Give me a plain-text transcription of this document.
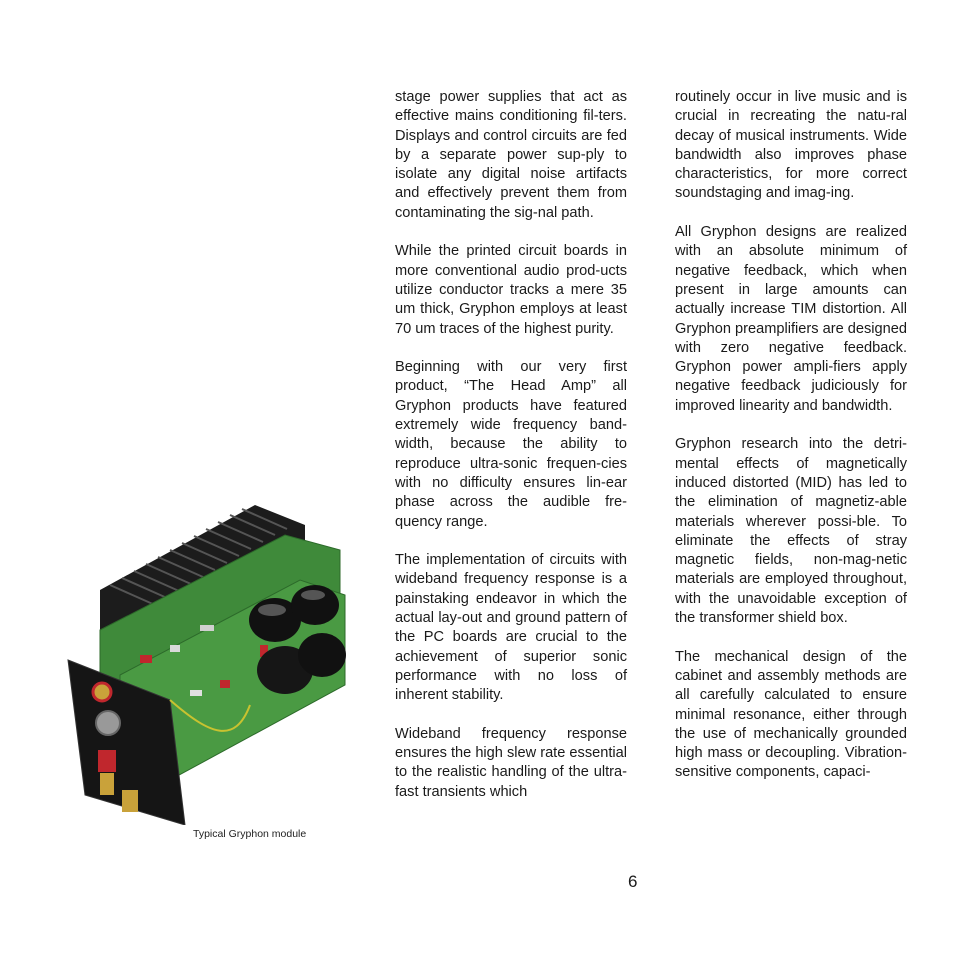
Typical Gryphon module

stage power supplies that act as effective mains conditioning fil-ters. Displays and control circuits are fed by a separate power sup-ply to isolate any digital noise artifacts and effectively prevent them from contaminating the sig-nal path.

While the printed circuit boards in more conventional audio prod-ucts utilize conductor tracks a mere 35 um thick, Gryphon employs at least 70 um traces of the highest purity.

Beginning with our very first product, “The Head Amp” all Gryphon products have featured extremely wide frequency band-width, because the ability to reproduce ultra-sonic frequen-cies with no difficulty ensures lin-ear phase across the audible fre-quency range.

The implementation of circuits with wideband frequency response is a painstaking endeavor in which the actual lay-out and ground pattern of the PC boards are crucial to the achievement of superior sonic performance with no loss of inherent stability.

Wideband frequency response ensures the high slew rate essential to the realistic handling of the ultra-fast transients which

routinely occur in live music and is crucial in recreating the natu-ral decay of musical instruments. Wide bandwidth also improves phase characteristics, for more correct soundstaging and imag-ing.

All Gryphon designs are realized with an absolute minimum of negative feedback, which when present in large amounts can actually increase TIM distortion. All Gryphon preamplifiers are designed with zero negative feedback. Gryphon power ampli-fiers apply negative feedback judiciously for improved linearity and bandwidth.

Gryphon research into the detri-mental effects of magnetically induced distorted (MID) has led to the elimination of magnetiz-able materials wherever possi-ble. To eliminate the effects of stray magnetic fields, non-mag-netic materials are employed throughout, with the unavoidable exception of the transformer shield box.

The mechanical design of the cabinet and assembly methods are all carefully calculated to ensure minimal resonance, either through the use of mechanically grounded high mass or decoupling. Vibration-sensitive components, capaci-

6
